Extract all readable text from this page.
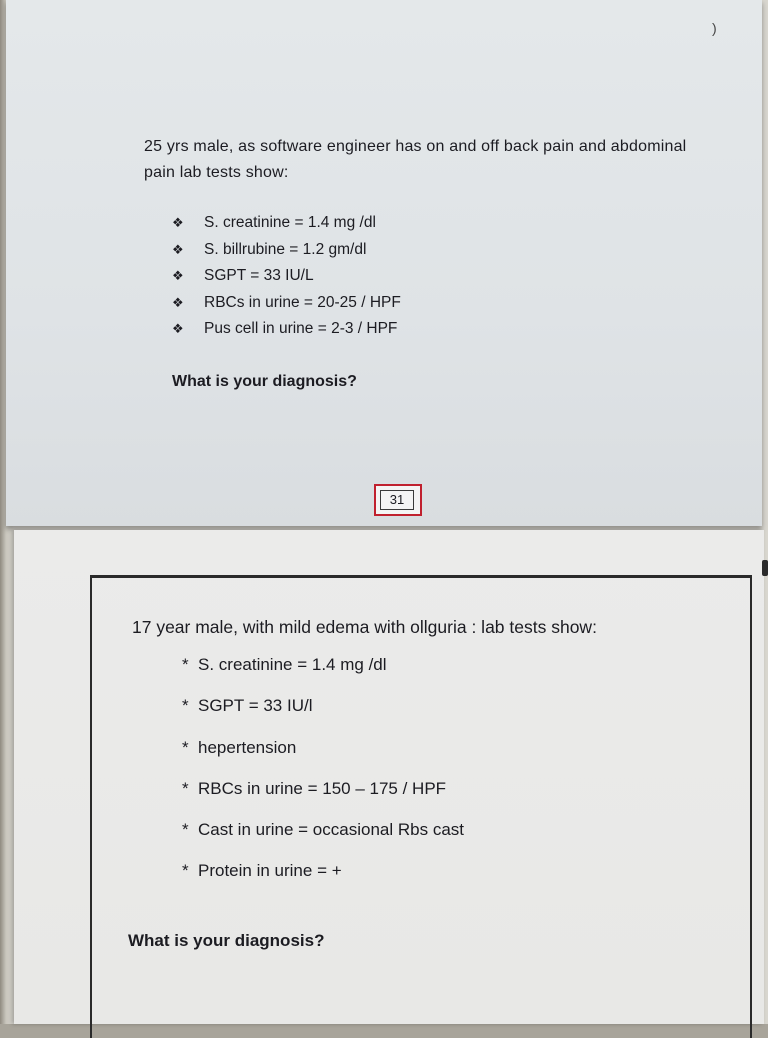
)

25 yrs male, as software engineer has on and off back pain and abdominal pain lab tests show:

❖ S. creatinine = 1.4 mg /dl
❖ S. billrubine = 1.2 gm/dl
❖ SGPT = 33 IU/L
❖ RBCs in urine = 20-25 / HPF
❖ Pus cell in urine = 2-3 / HPF
What is your diagnosis?
31
17 year male, with mild edema with ollguria : lab tests show:
* S. creatinine = 1.4 mg /dl
* SGPT = 33 IU/l
* hepertension
* RBCs in urine = 150 – 175 / HPF
* Cast in urine = occasional Rbs cast
* Protein in urine = +
What is your diagnosis?
